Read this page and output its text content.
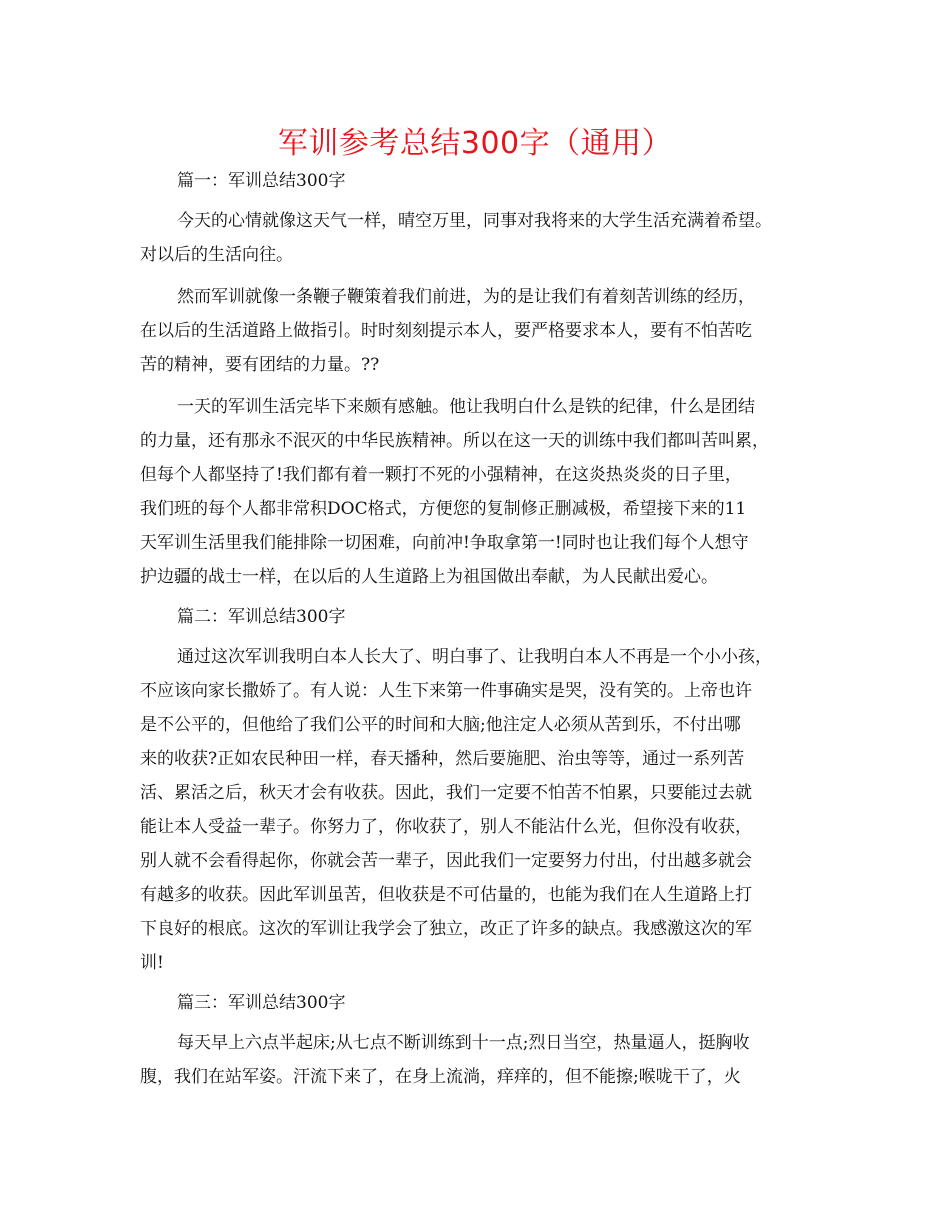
军训参考总结300字（通用）
篇一：军训总结300字
今天的心情就像这天气一样，晴空万里，同事对我将来的大学生活充满着希望。
对以后的生活向往。
然而军训就像一条鞭子鞭策着我们前进，为的是让我们有着刻苦训练的经历，
在以后的生活道路上做指引。时时刻刻提示本人，要严格要求本人，要有不怕苦吃
苦的精神，要有团结的力量。??
一天的军训生活完毕下来颇有感触。他让我明白什么是铁的纪律，什么是团结
的力量，还有那永不泯灭的中华民族精神。所以在这一天的训练中我们都叫苦叫累，
但每个人都坚持了!我们都有着一颗打不死的小强精神，在这炎热炎炎的日子里，
我们班的每个人都非常积DOC格式，方便您的复制修正删减极，希望接下来的11
天军训生活里我们能排除一切困难，向前冲!争取拿第一!同时也让我们每个人想守
护边疆的战士一样，在以后的人生道路上为祖国做出奉献，为人民献出爱心。
篇二：军训总结300字
通过这次军训我明白本人长大了、明白事了、让我明白本人不再是一个小小孩，
不应该向家长撒娇了。有人说：人生下来第一件事确实是哭，没有笑的。上帝也许
是不公平的，但他给了我们公平的时间和大脑;他注定人必须从苦到乐，不付出哪
来的收获?正如农民种田一样，春天播种，然后要施肥、治虫等等，通过一系列苦
活、累活之后，秋天才会有收获。因此，我们一定要不怕苦不怕累，只要能过去就
能让本人受益一辈子。你努力了，你收获了，别人不能沾什么光，但你没有收获，
别人就不会看得起你，你就会苦一辈子，因此我们一定要努力付出，付出越多就会
有越多的收获。因此军训虽苦，但收获是不可估量的，也能为我们在人生道路上打
下良好的根底。这次的军训让我学会了独立，改正了许多的缺点。我感激这次的军
训!
篇三：军训总结300字
每天早上六点半起床;从七点不断训练到十一点;烈日当空，热量逼人，挺胸收
腹，我们在站军姿。汗流下来了，在身上流淌，痒痒的，但不能擦;喉咙干了，火
